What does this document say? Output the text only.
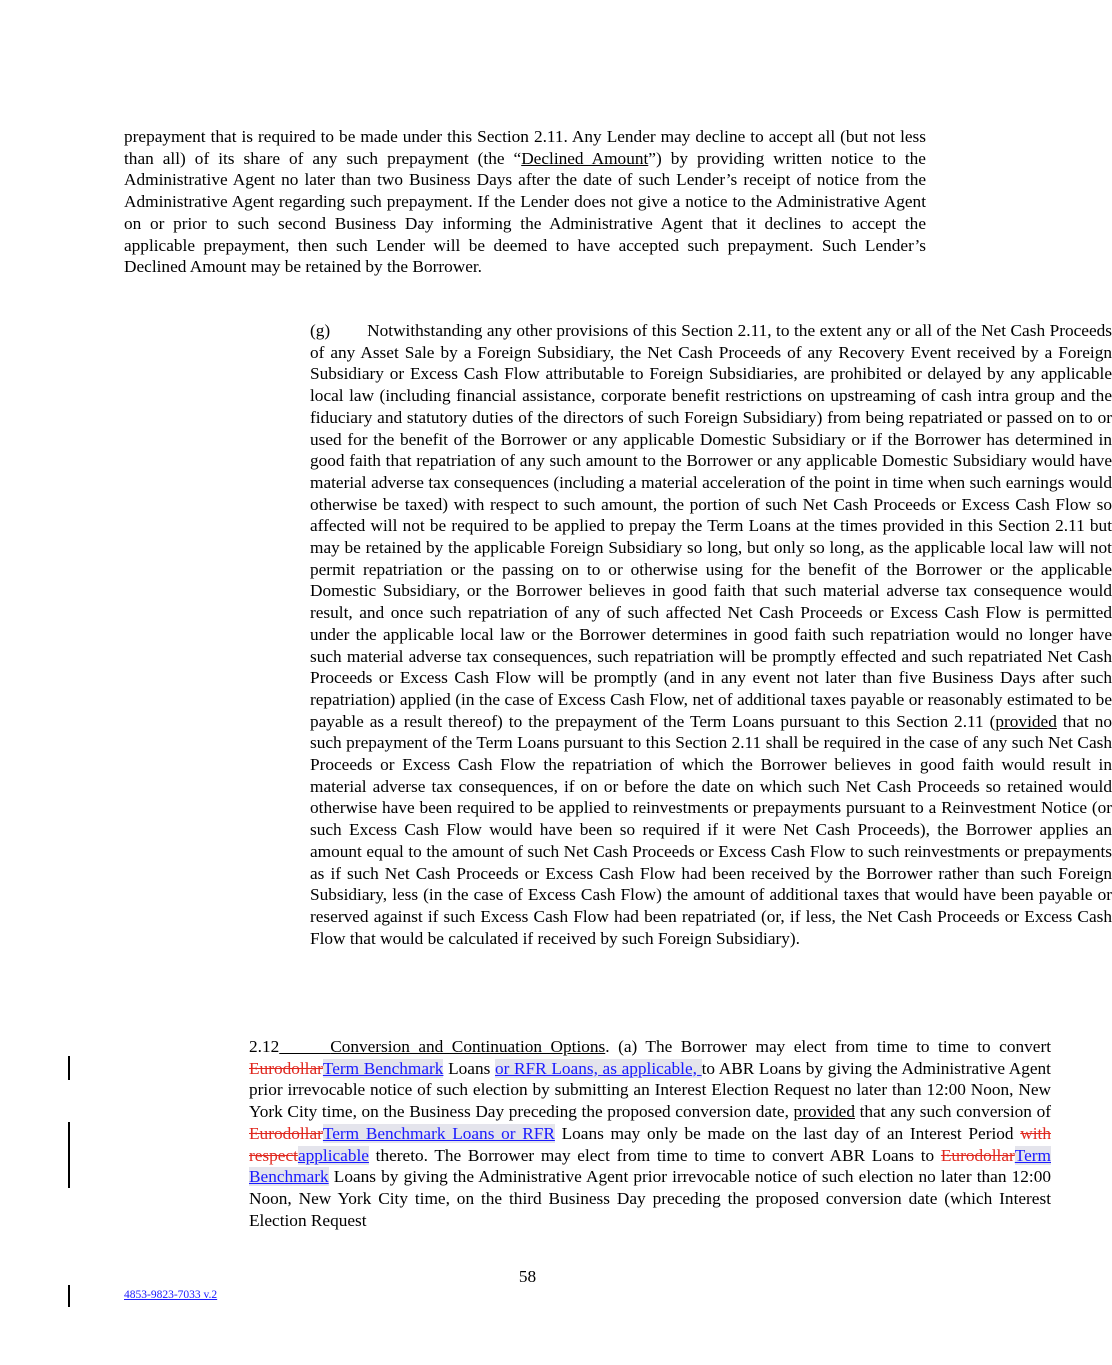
prepayment that is required to be made under this Section 2.11. Any Lender may decline to accept all (but not less than all) of its share of any such prepayment (the “Declined Amount”) by providing written notice to the Administrative Agent no later than two Business Days after the date of such Lender’s receipt of notice from the Administrative Agent regarding such prepayment. If the Lender does not give a notice to the Administrative Agent on or prior to such second Business Day informing the Administrative Agent that it declines to accept the applicable prepayment, then such Lender will be deemed to have accepted such prepayment. Such Lender’s Declined Amount may be retained by the Borrower.

(g) Notwithstanding any other provisions of this Section 2.11, to the extent any or all of the Net Cash Proceeds of any Asset Sale by a Foreign Subsidiary, the Net Cash Proceeds of any Recovery Event received by a Foreign Subsidiary or Excess Cash Flow attributable to Foreign Subsidiaries, are prohibited or delayed by any applicable local law (including financial assistance, corporate benefit restrictions on upstreaming of cash intra group and the fiduciary and statutory duties of the directors of such Foreign Subsidiary) from being repatriated or passed on to or used for the benefit of the Borrower or any applicable Domestic Subsidiary or if the Borrower has determined in good faith that repatriation of any such amount to the Borrower or any applicable Domestic Subsidiary would have material adverse tax consequences (including a material acceleration of the point in time when such earnings would otherwise be taxed) with respect to such amount, the portion of such Net Cash Proceeds or Excess Cash Flow so affected will not be required to be applied to prepay the Term Loans at the times provided in this Section 2.11 but may be retained by the applicable Foreign Subsidiary so long, but only so long, as the applicable local law will not permit repatriation or the passing on to or otherwise using for the benefit of the Borrower or the applicable Domestic Subsidiary, or the Borrower believes in good faith that such material adverse tax consequence would result, and once such repatriation of any of such affected Net Cash Proceeds or Excess Cash Flow is permitted under the applicable local law or the Borrower determines in good faith such repatriation would no longer have such material adverse tax consequences, such repatriation will be promptly effected and such repatriated Net Cash Proceeds or Excess Cash Flow will be promptly (and in any event not later than five Business Days after such repatriation) applied (in the case of Excess Cash Flow, net of additional taxes payable or reasonably estimated to be payable as a result thereof) to the prepayment of the Term Loans pursuant to this Section 2.11 (provided that no such prepayment of the Term Loans pursuant to this Section 2.11 shall be required in the case of any such Net Cash Proceeds or Excess Cash Flow the repatriation of which the Borrower believes in good faith would result in material adverse tax consequences, if on or before the date on which such Net Cash Proceeds so retained would otherwise have been required to be applied to reinvestments or prepayments pursuant to a Reinvestment Notice (or such Excess Cash Flow would have been so required if it were Net Cash Proceeds), the Borrower applies an amount equal to the amount of such Net Cash Proceeds or Excess Cash Flow to such reinvestments or prepayments as if such Net Cash Proceeds or Excess Cash Flow had been received by the Borrower rather than such Foreign Subsidiary, less (in the case of Excess Cash Flow) the amount of additional taxes that would have been payable or reserved against if such Excess Cash Flow had been repatriated (or, if less, the Net Cash Proceeds or Excess Cash Flow that would be calculated if received by such Foreign Subsidiary).

2.12	Conversion and Continuation Options. (a) The Borrower may elect from time to time to convert EurodollarTerm Benchmark Loans or RFR Loans, as applicable, to ABR Loans by giving the Administrative Agent prior irrevocable notice of such election by submitting an Interest Election Request no later than 12:00 Noon, New York City time, on the Business Day preceding the proposed conversion date, provided that any such conversion of EurodollarTerm Benchmark Loans or RFR Loans may only be made on the last day of an Interest Period with respectapplicable thereto. The Borrower may elect from time to time to convert ABR Loans to EurodollarTerm Benchmark Loans by giving the Administrative Agent prior irrevocable notice of such election no later than 12:00 Noon, New York City time, on the third Business Day preceding the proposed conversion date (which Interest Election Request

58
4853-9823-7033 v.2
